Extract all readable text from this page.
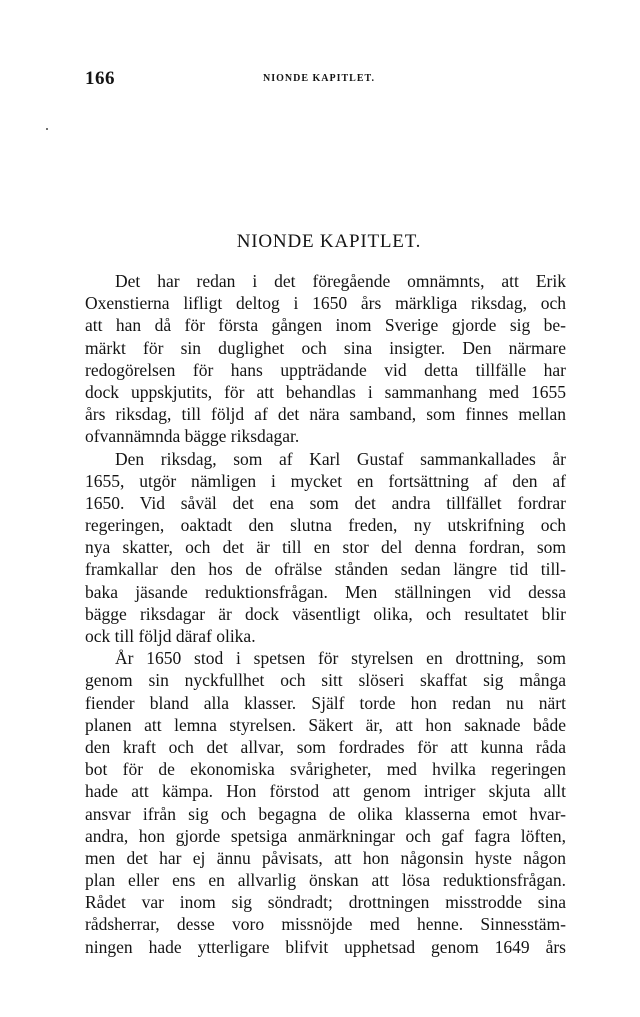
166	NIONDE KAPITLET.
NIONDE KAPITLET.
Det har redan i det föregående omnämnts, att Erik
Oxenstierna lifligt deltog i 1650 års märkliga riksdag, och
att han då för första gången inom Sverige gjorde sig be-
märkt för sin duglighet och sina insigter. Den närmare
redogörelsen för hans uppträdande vid detta tillfälle har
dock uppskjutits, för att behandlas i sammanhang med 1655
års riksdag, till följd af det nära samband, som finnes mellan
ofvannämnda bägge riksdagar.
Den riksdag, som af Karl Gustaf sammankallades år
1655, utgör nämligen i mycket en fortsättning af den af
1650. Vid såväl det ena som det andra tillfället fordrar
regeringen, oaktadt den slutna freden, ny utskrifning och
nya skatter, och det är till en stor del denna fordran, som
framkallar den hos de ofrälse stånden sedan längre tid till-
baka jäsande reduktionsfrågan. Men ställningen vid dessa
bägge riksdagar är dock väsentligt olika, och resultatet blir
ock till följd däraf olika.
År 1650 stod i spetsen för styrelsen en drottning, som
genom sin nyckfullhet och sitt slöseri skaffat sig många
fiender bland alla klasser. Själf torde hon redan nu närt
planen att lemna styrelsen. Säkert är, att hon saknade både
den kraft och det allvar, som fordrades för att kunna råda
bot för de ekonomiska svårigheter, med hvilka regeringen
hade att kämpa. Hon förstod att genom intriger skjuta allt
ansvar ifrån sig och begagna de olika klasserna emot hvar-
andra, hon gjorde spetsiga anmärkningar och gaf fagra löften,
men det har ej ännu påvisats, att hon någonsin hyste någon
plan eller ens en allvarlig önskan att lösa reduktionsfrågan.
Rådet var inom sig söndradt; drottningen misstrodde sina
rådsherrar, desse voro missnöjde med henne. Sinnesstäm-
ningen hade ytterligare blifvit upphetsad genom 1649 års
